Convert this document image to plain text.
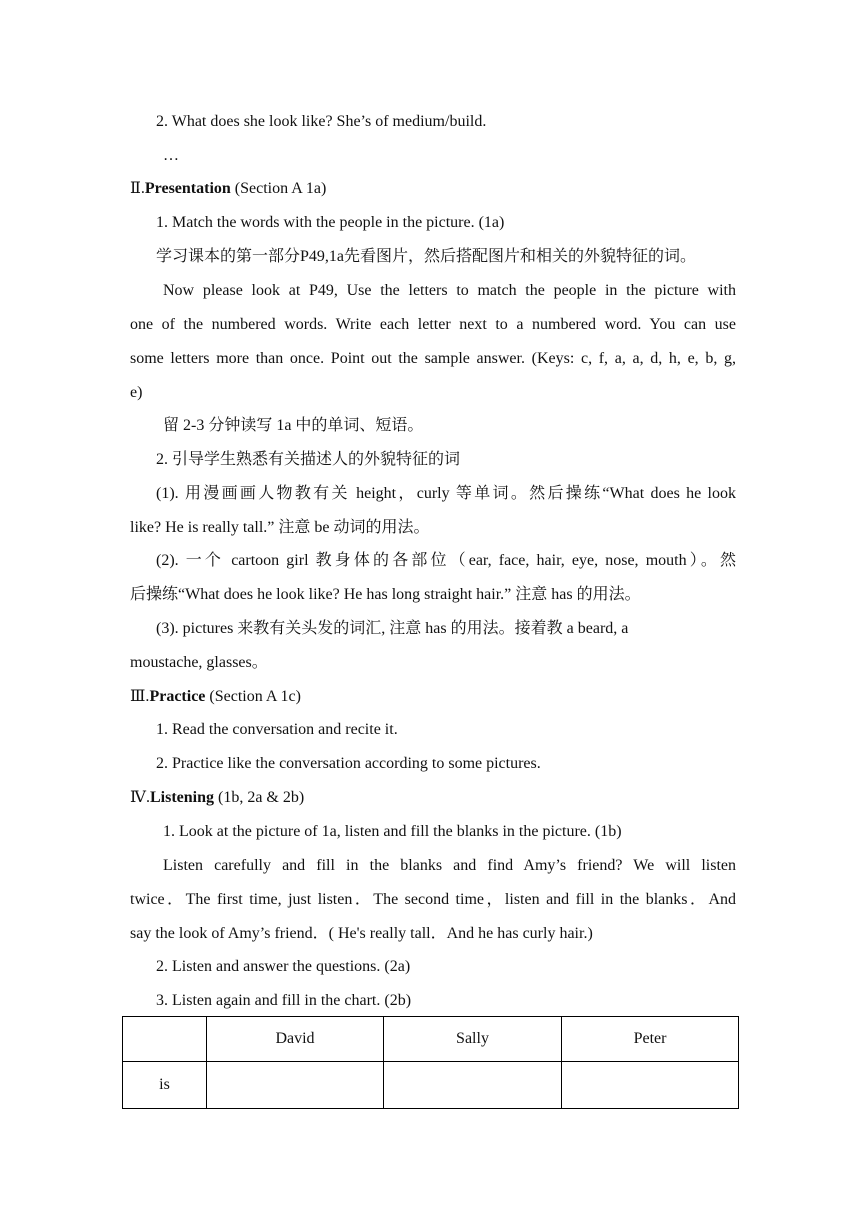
2. What does she look like? She’s of medium/build.
…
Ⅱ.Presentation (Section A 1a)
1. Match the words with the people in the picture. (1a)
学习课本的第一部分P49,1a先看图片，然后搭配图片和相关的外貌特征的词。
Now please look at P49, Use the letters to match the people in the picture with
one of the numbered words. Write each letter next to a numbered word. You can use
some letters more than once. Point out the sample answer. (Keys: c, f, a, a, d, h, e, b, g,
e)
留 2-3 分钟读写 1a 中的单词、短语。
2. 引导学生熟悉有关描述人的外貌特征的词
(1). 用漫画画人物教有关 height，curly 等单词。然后操练“What does he look
like? He is really tall.” 注意 be 动词的用法。
(2). 一个 cartoon girl 教身体的各部位（ear, face, hair, eye, nose, mouth）。然
后操练“What does he look like? He has long straight hair.” 注意 has 的用法。
(3). pictures 来教有关头发的词汇, 注意 has 的用法。接着教 a beard, a
moustache, glasses。
Ⅲ.Practice (Section A 1c)
1. Read the conversation and recite it.
2. Practice like the conversation according to some pictures.
Ⅳ.Listening (1b, 2a & 2b)
1. Look at the picture of 1a, listen and fill the blanks in the picture. (1b)
Listen carefully and fill in the blanks and find Amy’s friend? We will listen
twice．The first time, just listen．The second time，listen and fill in the blanks．And
say the look of Amy’s friend．( He's really tall．And he has curly hair.)
2. Listen and answer the questions. (2a)
3. Listen again and fill in the chart. (2b)
	David	Sally	Peter
is			
